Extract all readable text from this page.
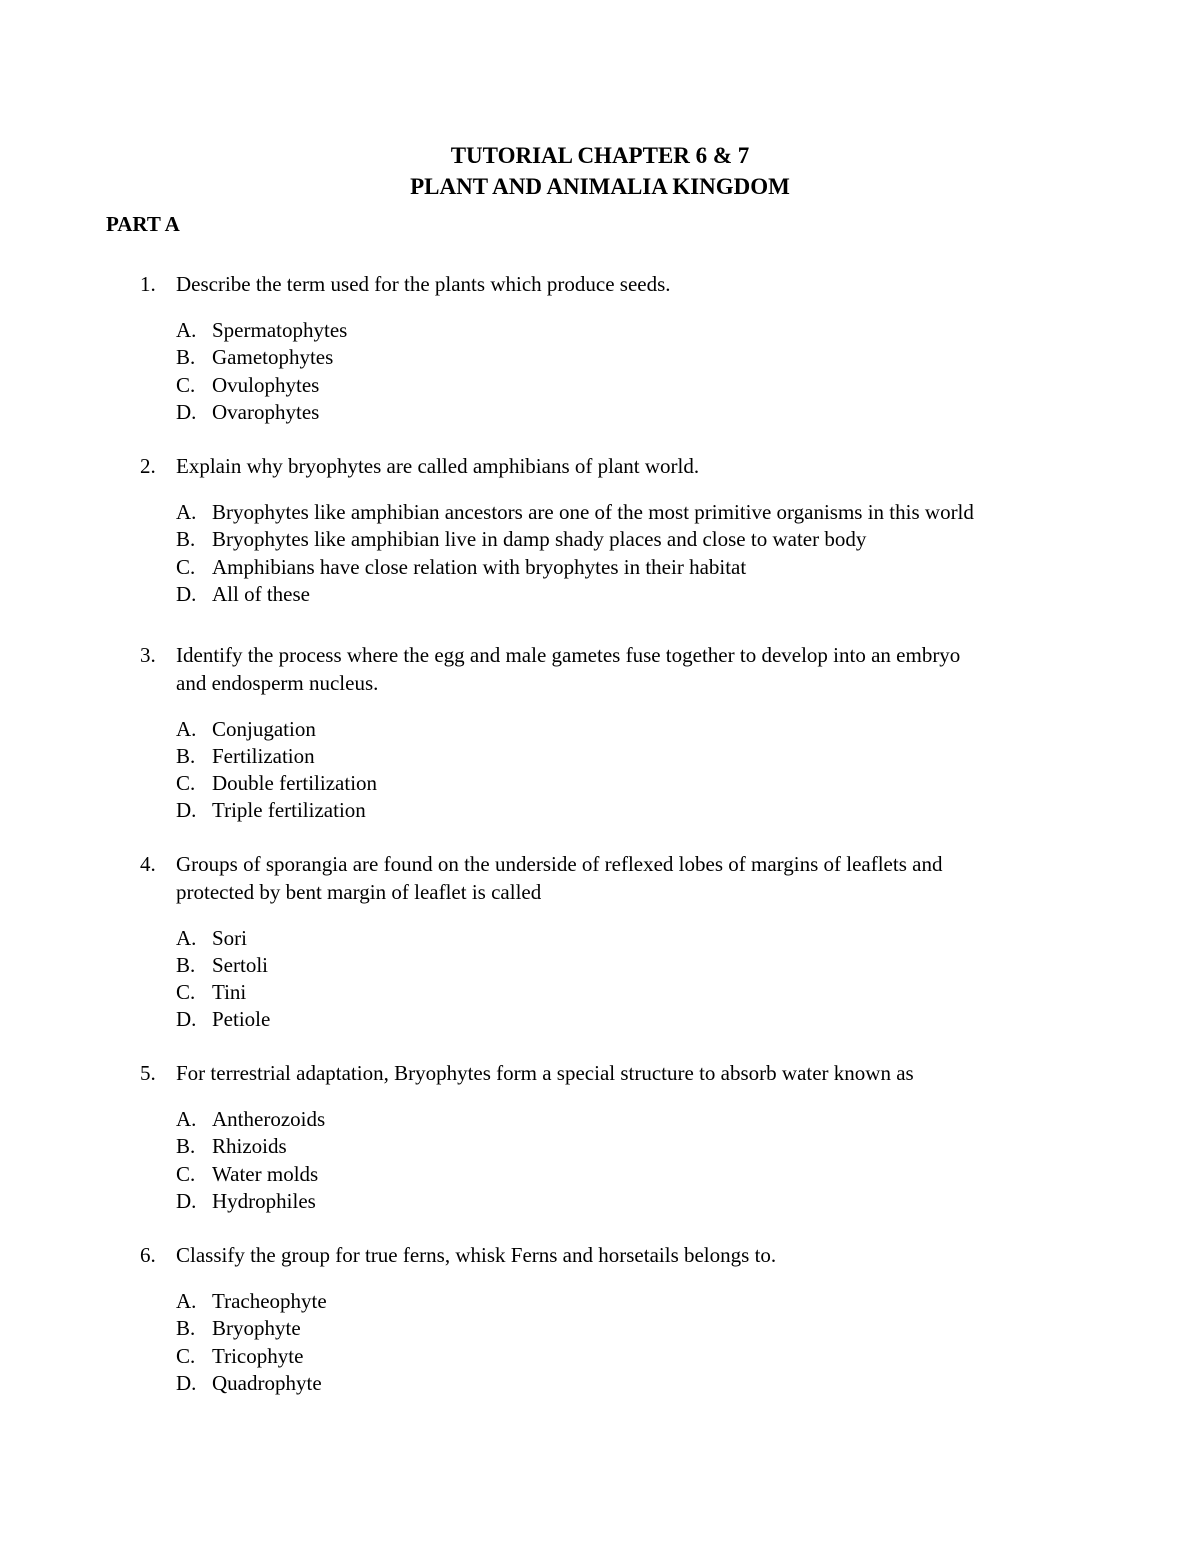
TUTORIAL CHAPTER 6 & 7
PLANT AND ANIMALIA KINGDOM
PART A
1. Describe the term used for the plants which produce seeds.
A. Spermatophytes
B. Gametophytes
C. Ovulophytes
D. Ovarophytes
2. Explain why bryophytes are called amphibians of plant world.
A. Bryophytes like amphibian ancestors are one of the most primitive organisms in this world
B. Bryophytes like amphibian live in damp shady places and close to water body
C. Amphibians have close relation with bryophytes in their habitat
D. All of these
3. Identify the process where the egg and male gametes fuse together to develop into an embryo
and endosperm nucleus.
A. Conjugation
B. Fertilization
C. Double fertilization
D. Triple fertilization
4. Groups of sporangia are found on the underside of reflexed lobes of margins of leaflets and
protected by bent margin of leaflet is called
A. Sori
B. Sertoli
C. Tini
D. Petiole
5. For terrestrial adaptation, Bryophytes form a special structure to absorb water known as
A. Antherozoids
B. Rhizoids
C. Water molds
D. Hydrophiles
6. Classify the group for true ferns, whisk Ferns and horsetails belongs to.
A. Tracheophyte
B. Bryophyte
C. Tricophyte
D. Quadrophyte
